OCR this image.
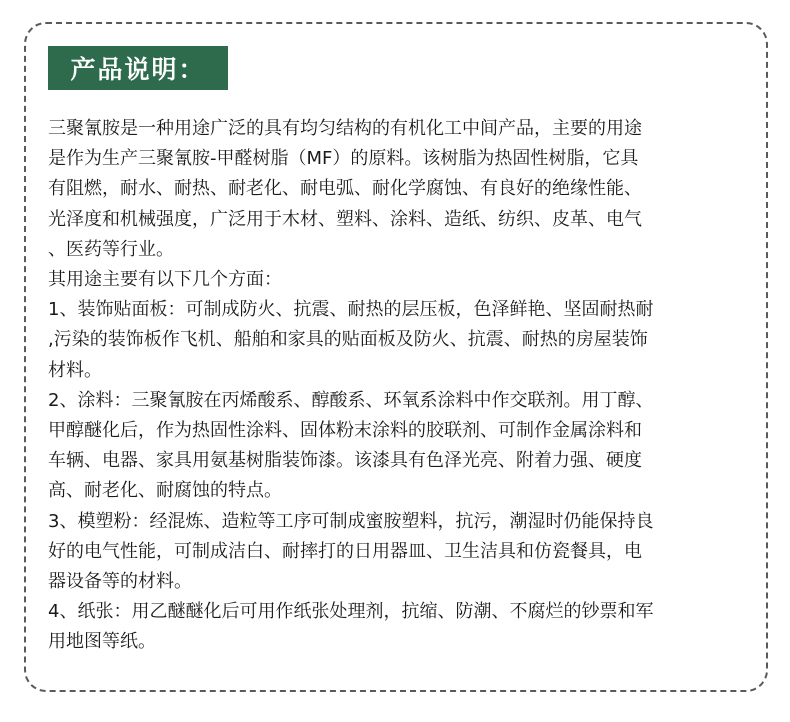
产品说明：
三聚氰胺是一种用途广泛的具有均匀结构的有机化工中间产品，主要的用途
是作为生产三聚氰胺-甲醛树脂（MF）的原料。该树脂为热固性树脂，它具
有阻燃，耐水、耐热、耐老化、耐电弧、耐化学腐蚀、有良好的绝缘性能、
光泽度和机械强度，广泛用于木材、塑料、涂料、造纸、纺织、皮革、电气
、医药等行业。
其用途主要有以下几个方面：
1、装饰贴面板：可制成防火、抗震、耐热的层压板，色泽鲜艳、坚固耐热耐
,污染的装饰板作飞机、船舶和家具的贴面板及防火、抗震、耐热的房屋装饰
材料。
2、涂料：三聚氰胺在丙烯酸系、醇酸系、环氧系涂料中作交联剂。用丁醇、
甲醇醚化后，作为热固性涂料、固体粉末涂料的胶联剂、可制作金属涂料和
车辆、电器、家具用氨基树脂装饰漆。该漆具有色泽光亮、附着力强、硬度
高、耐老化、耐腐蚀的特点。
3、模塑粉：经混炼、造粒等工序可制成蜜胺塑料，抗污，潮湿时仍能保持良
好的电气性能，可制成洁白、耐摔打的日用器皿、卫生洁具和仿瓷餐具，电
器设备等的材料。
4、纸张：用乙醚醚化后可用作纸张处理剂，抗缩、防潮、不腐烂的钞票和军
用地图等纸。
